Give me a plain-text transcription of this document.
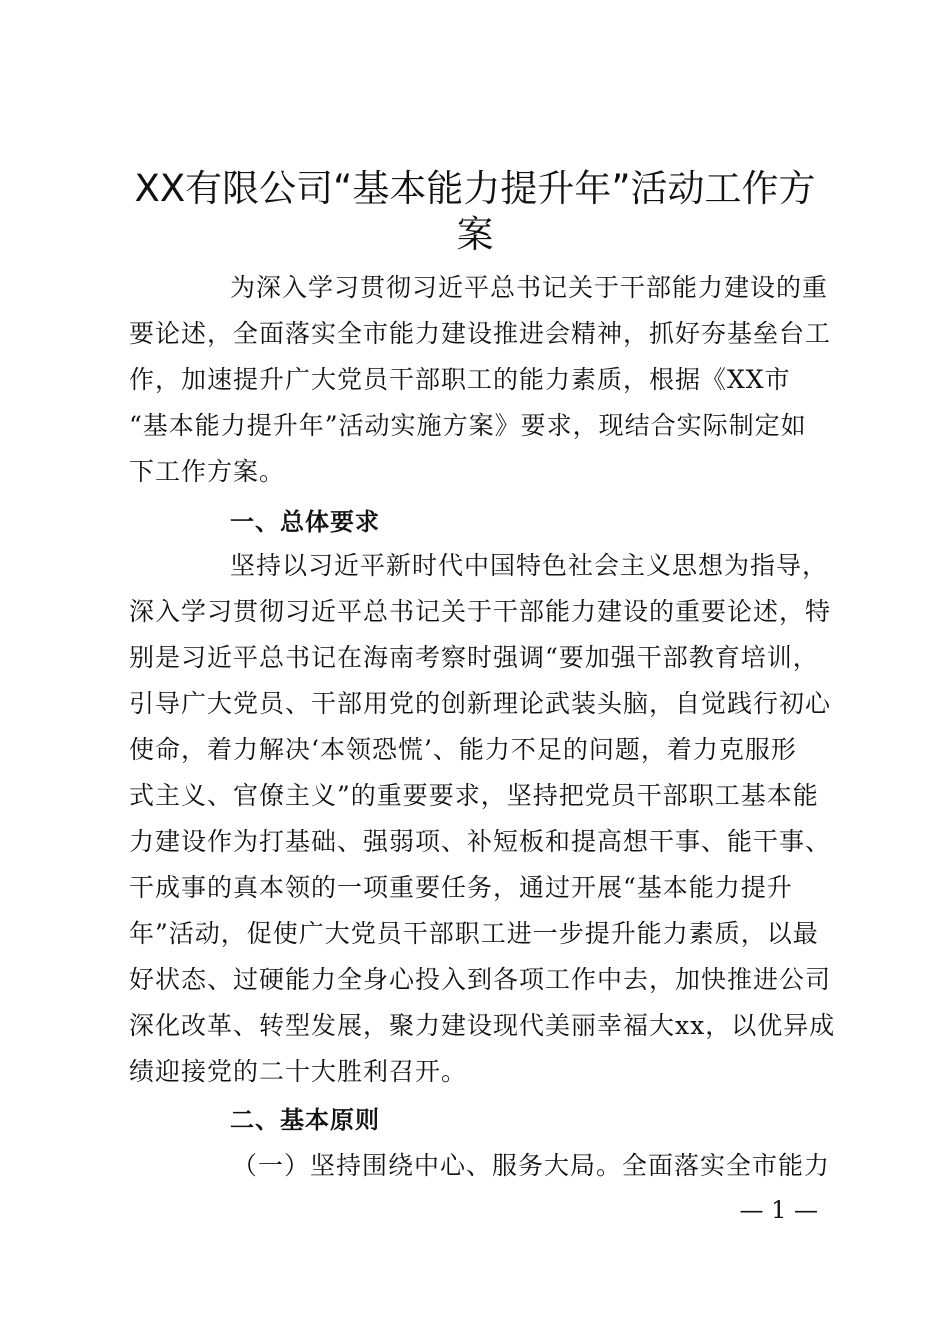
XX有限公司“基本能力提升年”活动工作方
案
为深入学习贯彻习近平总书记关于干部能力建设的重
要论述，全面落实全市能力建设推进会精神，抓好夯基垒台工
作，加速提升广大党员干部职工的能力素质，根据《XX市
“基本能力提升年”活动实施方案》要求，现结合实际制定如
下工作方案。
一、总体要求
坚持以习近平新时代中国特色社会主义思想为指导，
深入学习贯彻习近平总书记关于干部能力建设的重要论述，特
别是习近平总书记在海南考察时强调“要加强干部教育培训，
引导广大党员、干部用党的创新理论武装头脑，自觉践行初心
使命，着力解决‘本领恐慌’、能力不足的问题，着力克服形
式主义、官僚主义”的重要要求，坚持把党员干部职工基本能
力建设作为打基础、强弱项、补短板和提高想干事、能干事、
干成事的真本领的一项重要任务，通过开展“基本能力提升
年”活动，促使广大党员干部职工进一步提升能力素质，以最
好状态、过硬能力全身心投入到各项工作中去，加快推进公司
深化改革、转型发展，聚力建设现代美丽幸福大xx，以优异成
绩迎接党的二十大胜利召开。
二、基本原则
（一）坚持围绕中心、服务大局。全面落实全市能力
— 1 —
